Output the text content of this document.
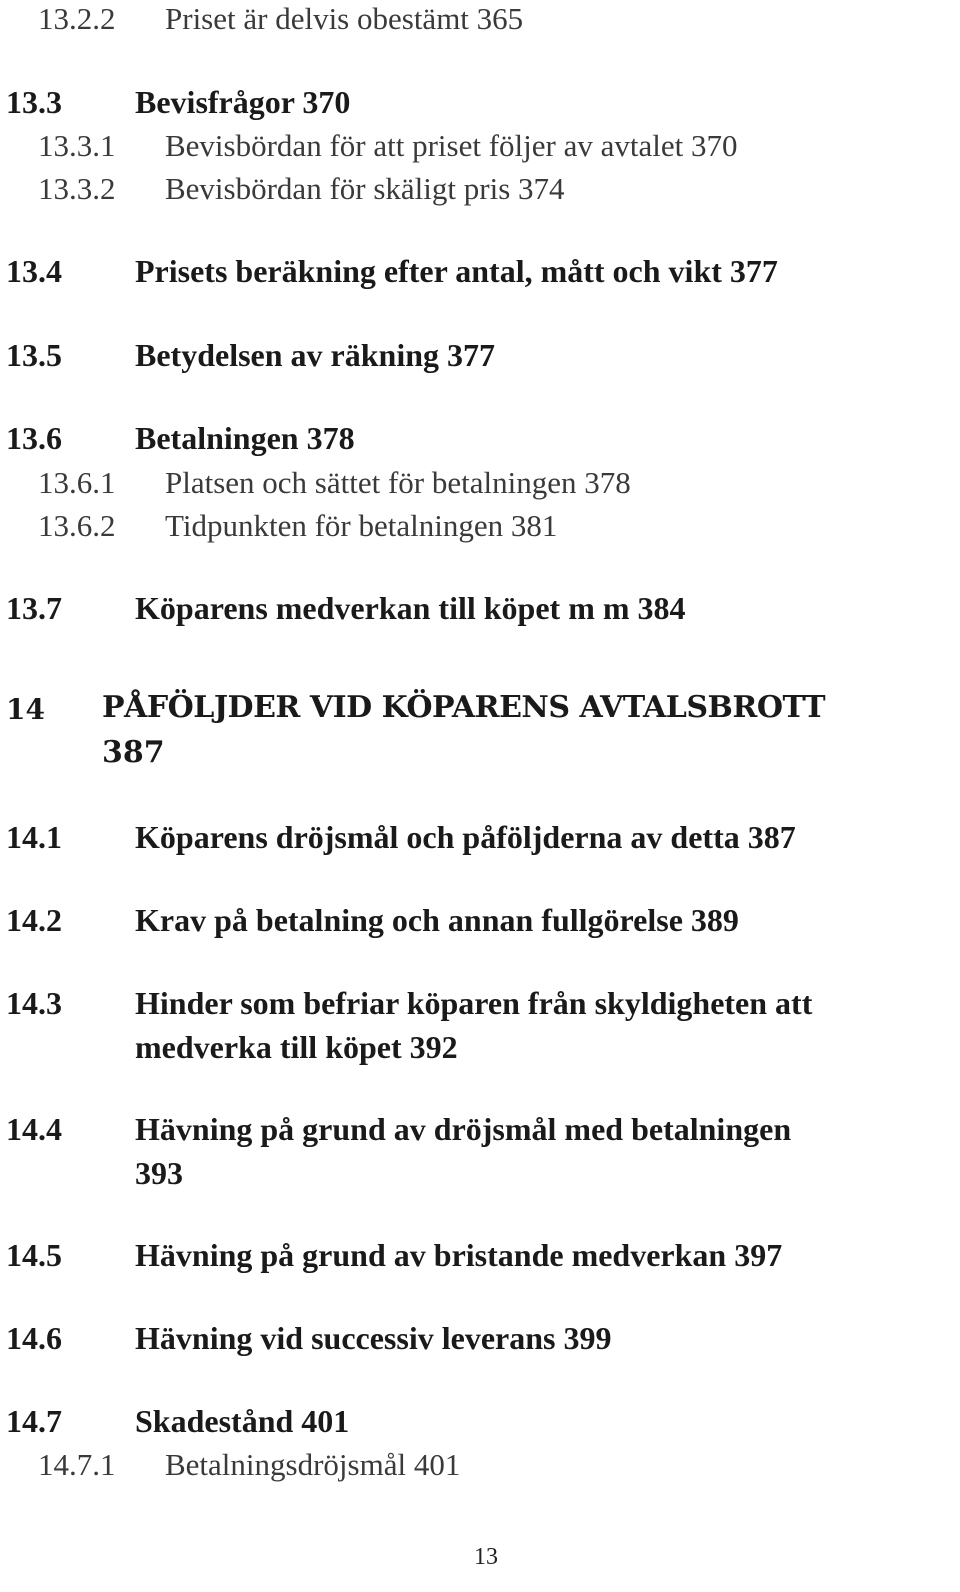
13.2.2 Priset är delvis obestämt 365
13.3 Bevisfrågor 370
13.3.1 Bevisbördan för att priset följer av avtalet 370
13.3.2 Bevisbördan för skäligt pris 374
13.4 Prisets beräkning efter antal, mått och vikt 377
13.5 Betydelsen av räkning 377
13.6 Betalningen 378
13.6.1 Platsen och sättet för betalningen 378
13.6.2 Tidpunkten för betalningen 381
13.7 Köparens medverkan till köpet m m 384
14 PÅFÖLJDER VID KÖPARENS AVTALSBROTT
387
14.1 Köparens dröjsmål och påföljderna av detta 387
14.2 Krav på betalning och annan fullgörelse 389
14.3 Hinder som befriar köparen från skyldigheten att
medverka till köpet 392
14.4 Hävning på grund av dröjsmål med betalningen
393
14.5 Hävning på grund av bristande medverkan 397
14.6 Hävning vid successiv leverans 399
14.7 Skadestånd 401
14.7.1 Betalningsdröjsmål 401
13
